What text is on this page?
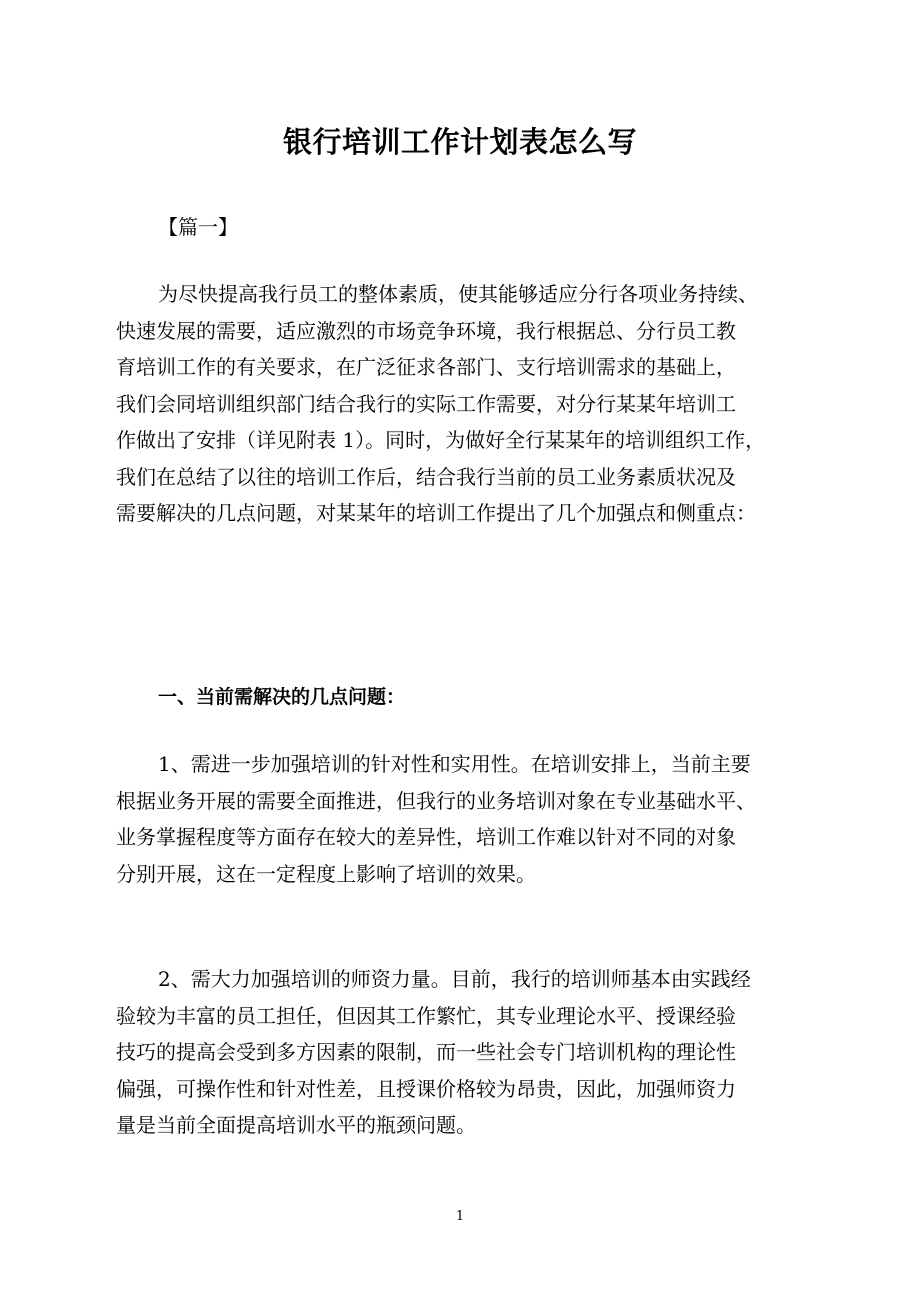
银行培训工作计划表怎么写
【篇一】
为尽快提高我行员工的整体素质，使其能够适应分行各项业务持续、
快速发展的需要，适应激烈的市场竞争环境，我行根据总、分行员工教
育培训工作的有关要求，在广泛征求各部门、支行培训需求的基础上，
我们会同培训组织部门结合我行的实际工作需要，对分行某某年培训工
作做出了安排（详见附表 1）。同时，为做好全行某某年的培训组织工作，
我们在总结了以往的培训工作后，结合我行当前的员工业务素质状况及
需要解决的几点问题，对某某年的培训工作提出了几个加强点和侧重点：
一、当前需解决的几点问题：
1、需进一步加强培训的针对性和实用性。在培训安排上，当前主要
根据业务开展的需要全面推进，但我行的业务培训对象在专业基础水平、
业务掌握程度等方面存在较大的差异性，培训工作难以针对不同的对象
分别开展，这在一定程度上影响了培训的效果。
2、需大力加强培训的师资力量。目前，我行的培训师基本由实践经
验较为丰富的员工担任，但因其工作繁忙，其专业理论水平、授课经验
技巧的提高会受到多方因素的限制，而一些社会专门培训机构的理论性
偏强，可操作性和针对性差，且授课价格较为昂贵，因此，加强师资力
量是当前全面提高培训水平的瓶颈问题。
1
